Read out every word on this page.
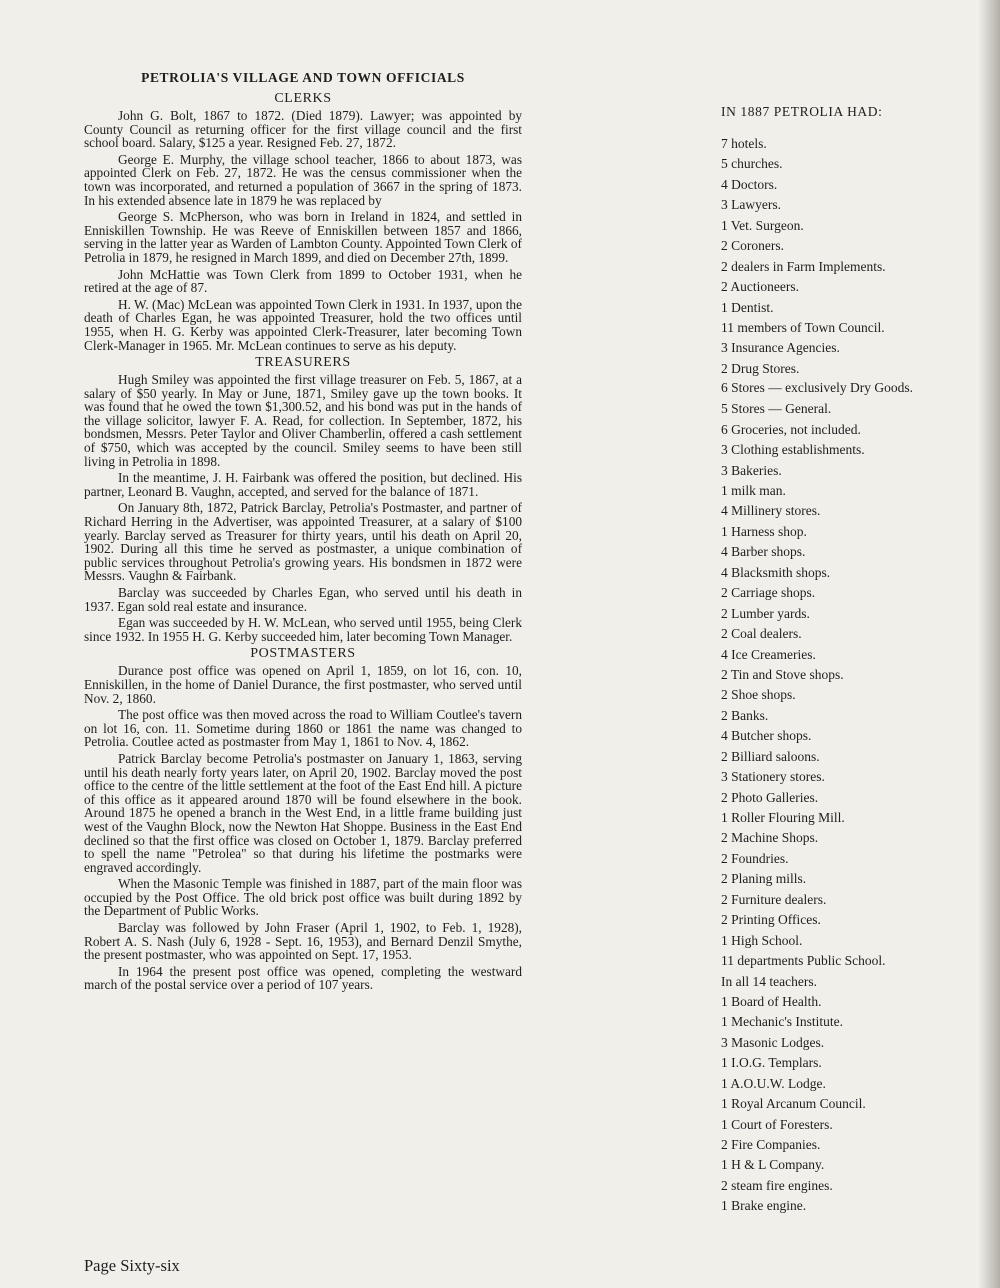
PETROLIA'S VILLAGE AND TOWN OFFICIALS
CLERKS

John G. Bolt, 1867 to 1872. (Died 1879). Lawyer; was appointed by County Council as returning officer for the first village council and the first school board. Salary, $125 a year. Resigned Feb. 27, 1872.

George E. Murphy, the village school teacher, 1866 to about 1873, was appointed Clerk on Feb. 27, 1872. He was the census commissioner when the town was incorporated, and returned a population of 3667 in the spring of 1873. In his extended absence late in 1879 he was replaced by

George S. McPherson, who was born in Ireland in 1824, and settled in Enniskillen Township. He was Reeve of Enniskillen between 1857 and 1866, serving in the latter year as Warden of Lambton County. Appointed Town Clerk of Petrolia in 1879, he resigned in March 1899, and died on December 27th, 1899.

John McHattie was Town Clerk from 1899 to October 1931, when he retired at the age of 87.

H. W. (Mac) McLean was appointed Town Clerk in 1931. In 1937, upon the death of Charles Egan, he was appointed Treasurer, hold the two offices until 1955, when H. G. Kerby was appointed Clerk-Treasurer, later becoming Town Clerk-Manager in 1965. Mr. McLean continues to serve as his deputy.

TREASURERS

Hugh Smiley was appointed the first village treasurer on Feb. 5, 1867, at a salary of $50 yearly. In May or June, 1871, Smiley gave up the town books. It was found that he owed the town $1,300.52, and his bond was put in the hands of the village solicitor, lawyer F. A. Read, for collection. In September, 1872, his bondsmen, Messrs. Peter Taylor and Oliver Chamberlin, offered a cash settlement of $750, which was accepted by the council. Smiley seems to have been still living in Petrolia in 1898.

In the meantime, J. H. Fairbank was offered the position, but declined. His partner, Leonard B. Vaughn, accepted, and served for the balance of 1871.

On January 8th, 1872, Patrick Barclay, Petrolia's Postmaster, and partner of Richard Herring in the Advertiser, was appointed Treasurer, at a salary of $100 yearly. Barclay served as Treasurer for thirty years, until his death on April 20, 1902. During all this time he served as postmaster, a unique combination of public services throughout Petrolia's growing years. His bondsmen in 1872 were Messrs. Vaughn & Fairbank.

Barclay was succeeded by Charles Egan, who served until his death in 1937. Egan sold real estate and insurance.

Egan was succeeded by H. W. McLean, who served until 1955, being Clerk since 1932. In 1955 H. G. Kerby succeeded him, later becoming Town Manager.

POSTMASTERS

Durance post office was opened on April 1, 1859, on lot 16, con. 10, Enniskillen, in the home of Daniel Durance, the first postmaster, who served until Nov. 2, 1860.

The post office was then moved across the road to William Coutlee's tavern on lot 16, con. 11. Sometime during 1860 or 1861 the name was changed to Petrolia. Coutlee acted as postmaster from May 1, 1861 to Nov. 4, 1862.

Patrick Barclay become Petrolia's postmaster on January 1, 1863, serving until his death nearly forty years later, on April 20, 1902. Barclay moved the post office to the centre of the little settlement at the foot of the East End hill. A picture of this office as it appeared around 1870 will be found elsewhere in the book. Around 1875 he opened a branch in the West End, in a little frame building just west of the Vaughn Block, now the Newton Hat Shoppe. Business in the East End declined so that the first office was closed on October 1, 1879. Barclay preferred to spell the name "Petrolea" so that during his lifetime the postmarks were engraved accordingly.

When the Masonic Temple was finished in 1887, part of the main floor was occupied by the Post Office. The old brick post office was built during 1892 by the Department of Public Works.

Barclay was followed by John Fraser (April 1, 1902, to Feb. 1, 1928), Robert A. S. Nash (July 6, 1928 - Sept. 16, 1953), and Bernard Denzil Smythe, the present postmaster, who was appointed on Sept. 17, 1953.

In 1964 the present post office was opened, completing the westward march of the postal service over a period of 107 years.

IN 1887 PETROLIA HAD:
7 hotels.
5 churches.
4 Doctors.
3 Lawyers.
1 Vet. Surgeon.
2 Coroners.
2 dealers in Farm Implements.
2 Auctioneers.
1 Dentist.
11 members of Town Council.
3 Insurance Agencies.
2 Drug Stores.
6 Stores — exclusively Dry Goods.
5 Stores — General.
6 Groceries, not included.
3 Clothing establishments.
3 Bakeries.
1 milk man.
4 Millinery stores.
1 Harness shop.
4 Barber shops.
4 Blacksmith shops.
2 Carriage shops.
2 Lumber yards.
2 Coal dealers.
4 Ice Creameries.
2 Tin and Stove shops.
2 Shoe shops.
2 Banks.
4 Butcher shops.
2 Billiard saloons.
3 Stationery stores.
2 Photo Galleries.
1 Roller Flouring Mill.
2 Machine Shops.
2 Foundries.
2 Planing mills.
2 Furniture dealers.
2 Printing Offices.
1 High School.
11 departments Public School.
In all 14 teachers.
1 Board of Health.
1 Mechanic's Institute.
3 Masonic Lodges.
1 I.O.G. Templars.
1 A.O.U.W. Lodge.
1 Royal Arcanum Council.
1 Court of Foresters.
2 Fire Companies.
1 H & L Company.
2 steam fire engines.
1 Brake engine.
Page Sixty-six
